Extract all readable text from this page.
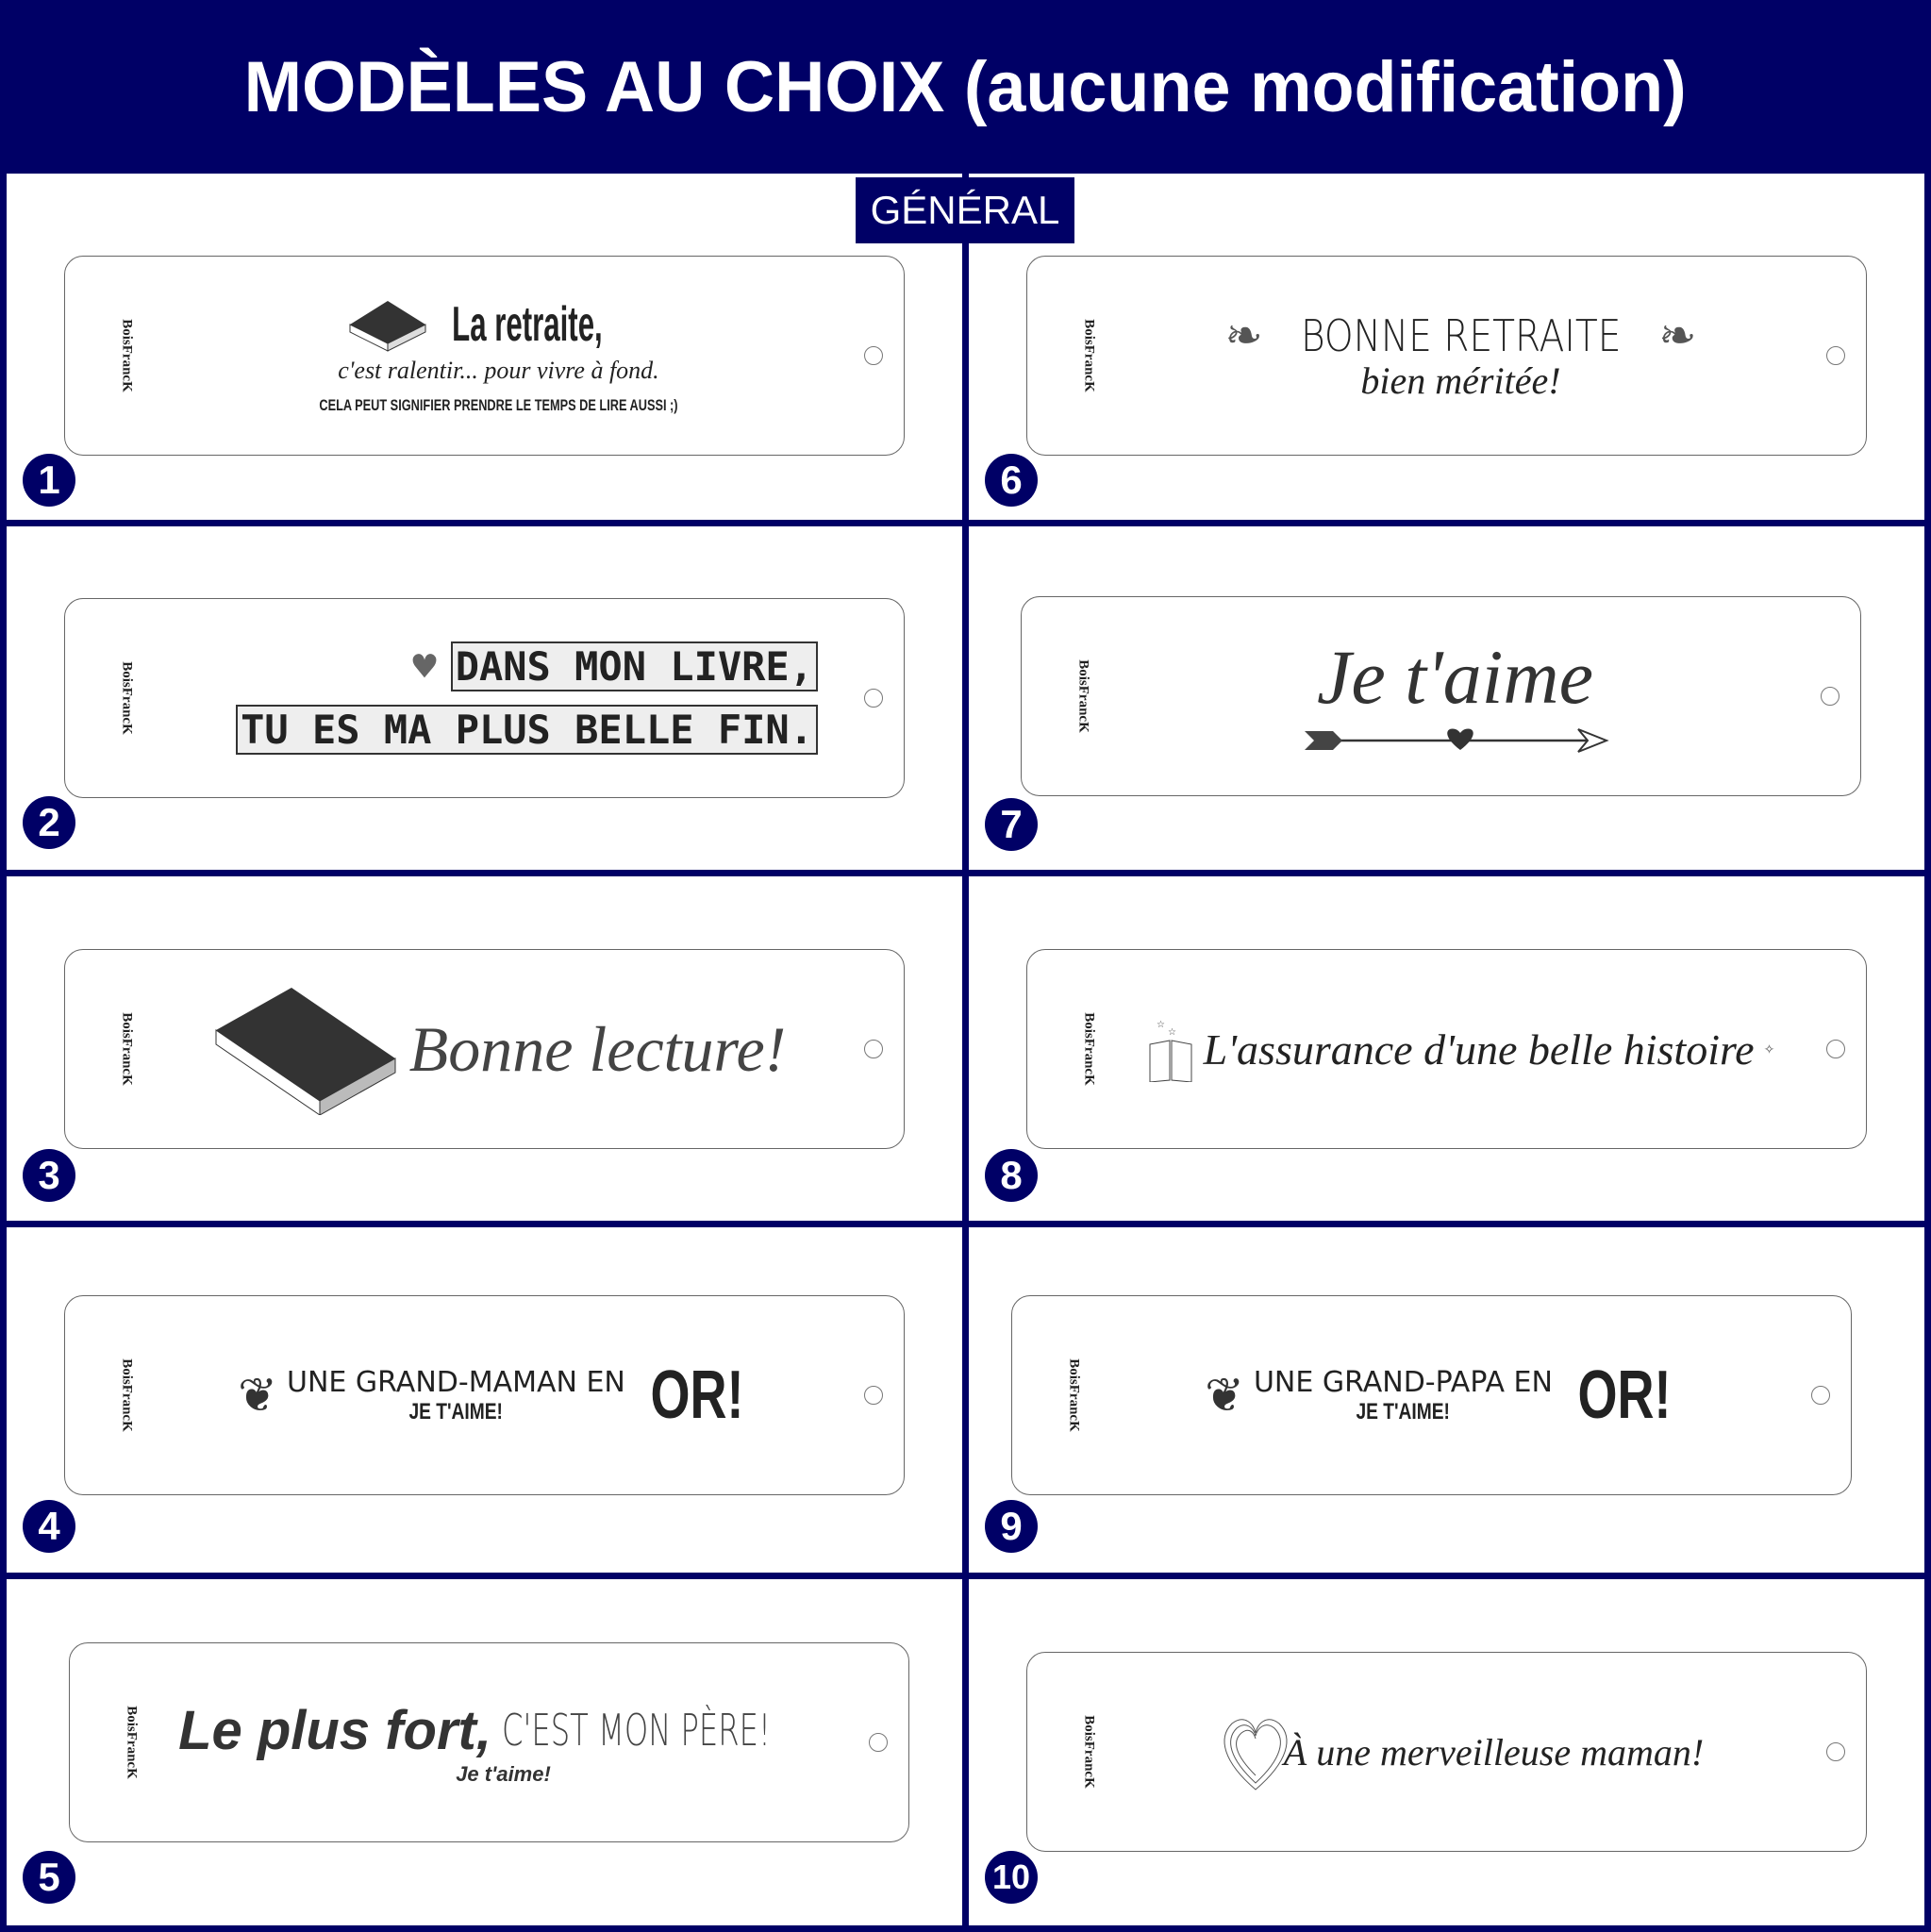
MODÈLES AU CHOIX (aucune modification)
GÉNÉRAL
BoisFrancK	La retraite,
c'est ralentir... pour vivre à fond.
CELA PEUT SIGNIFIER PRENDRE LE TEMPS DE LIRE AUSSI ;)
1
BoisFrancK	♥ DANS MON LIVRE,
TU ES MA PLUS BELLE FIN.
2
BoisFrancK	Bonne lecture!
3
BoisFrancK ❦ UNE GRAND-MAMAN EN
JE T'AIME! OR!
4
BoisFrancK Le plus fort, C'EST MON PÈRE!
Je t'aime!
5
BoisFrancK	❧ BONNE RETRAITE ❧
bien méritée!
6
BoisFrancK	Je t'aime
7
BoisFrancK	☆
☆ L'assurance d'une belle histoire ✧
8
BoisFrancK	❦ UNE GRAND-PAPA EN
JE T'AIME! OR!
9
BoisFrancK	À une merveilleuse maman!
10
